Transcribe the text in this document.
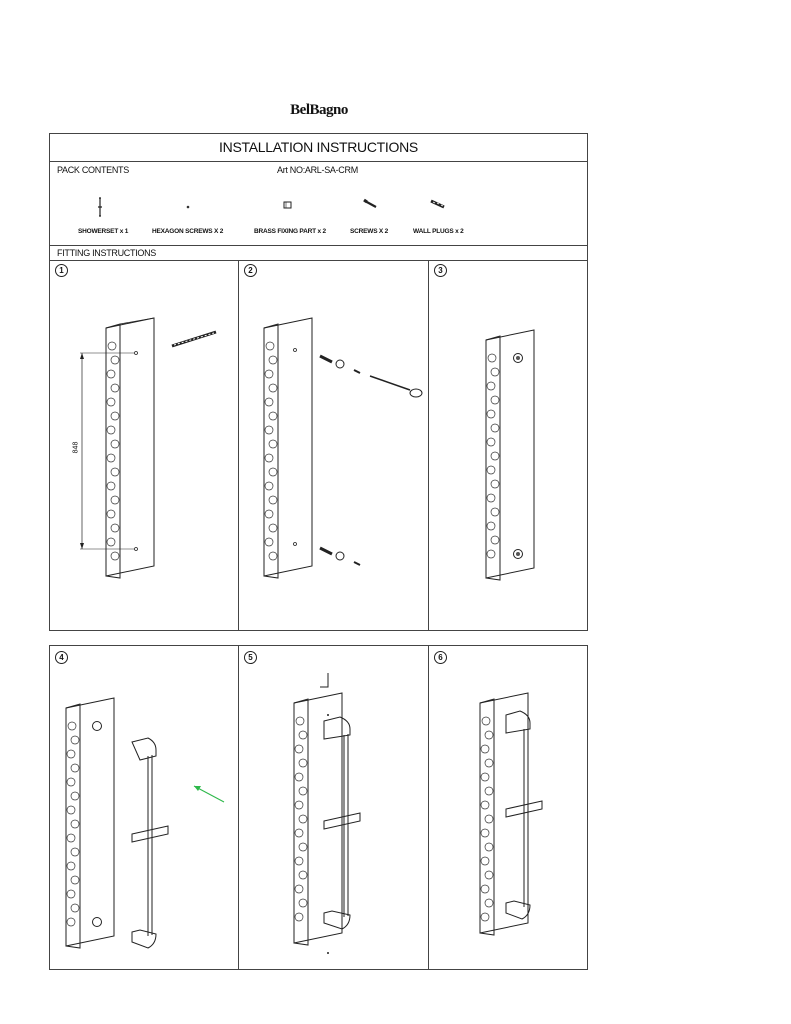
BelBagno
INSTALLATION INSTRUCTIONS
PACK CONTENTS	Art NO:ARL-SA-CRM
SHOWERSET x 1	HEXAGON SCREWS X 2	BRASS FIXING PART x 2	SCREWS X 2	WALL PLUGS x 2
FITTING INSTRUCTIONS
1	2	3
848
4	5	6
